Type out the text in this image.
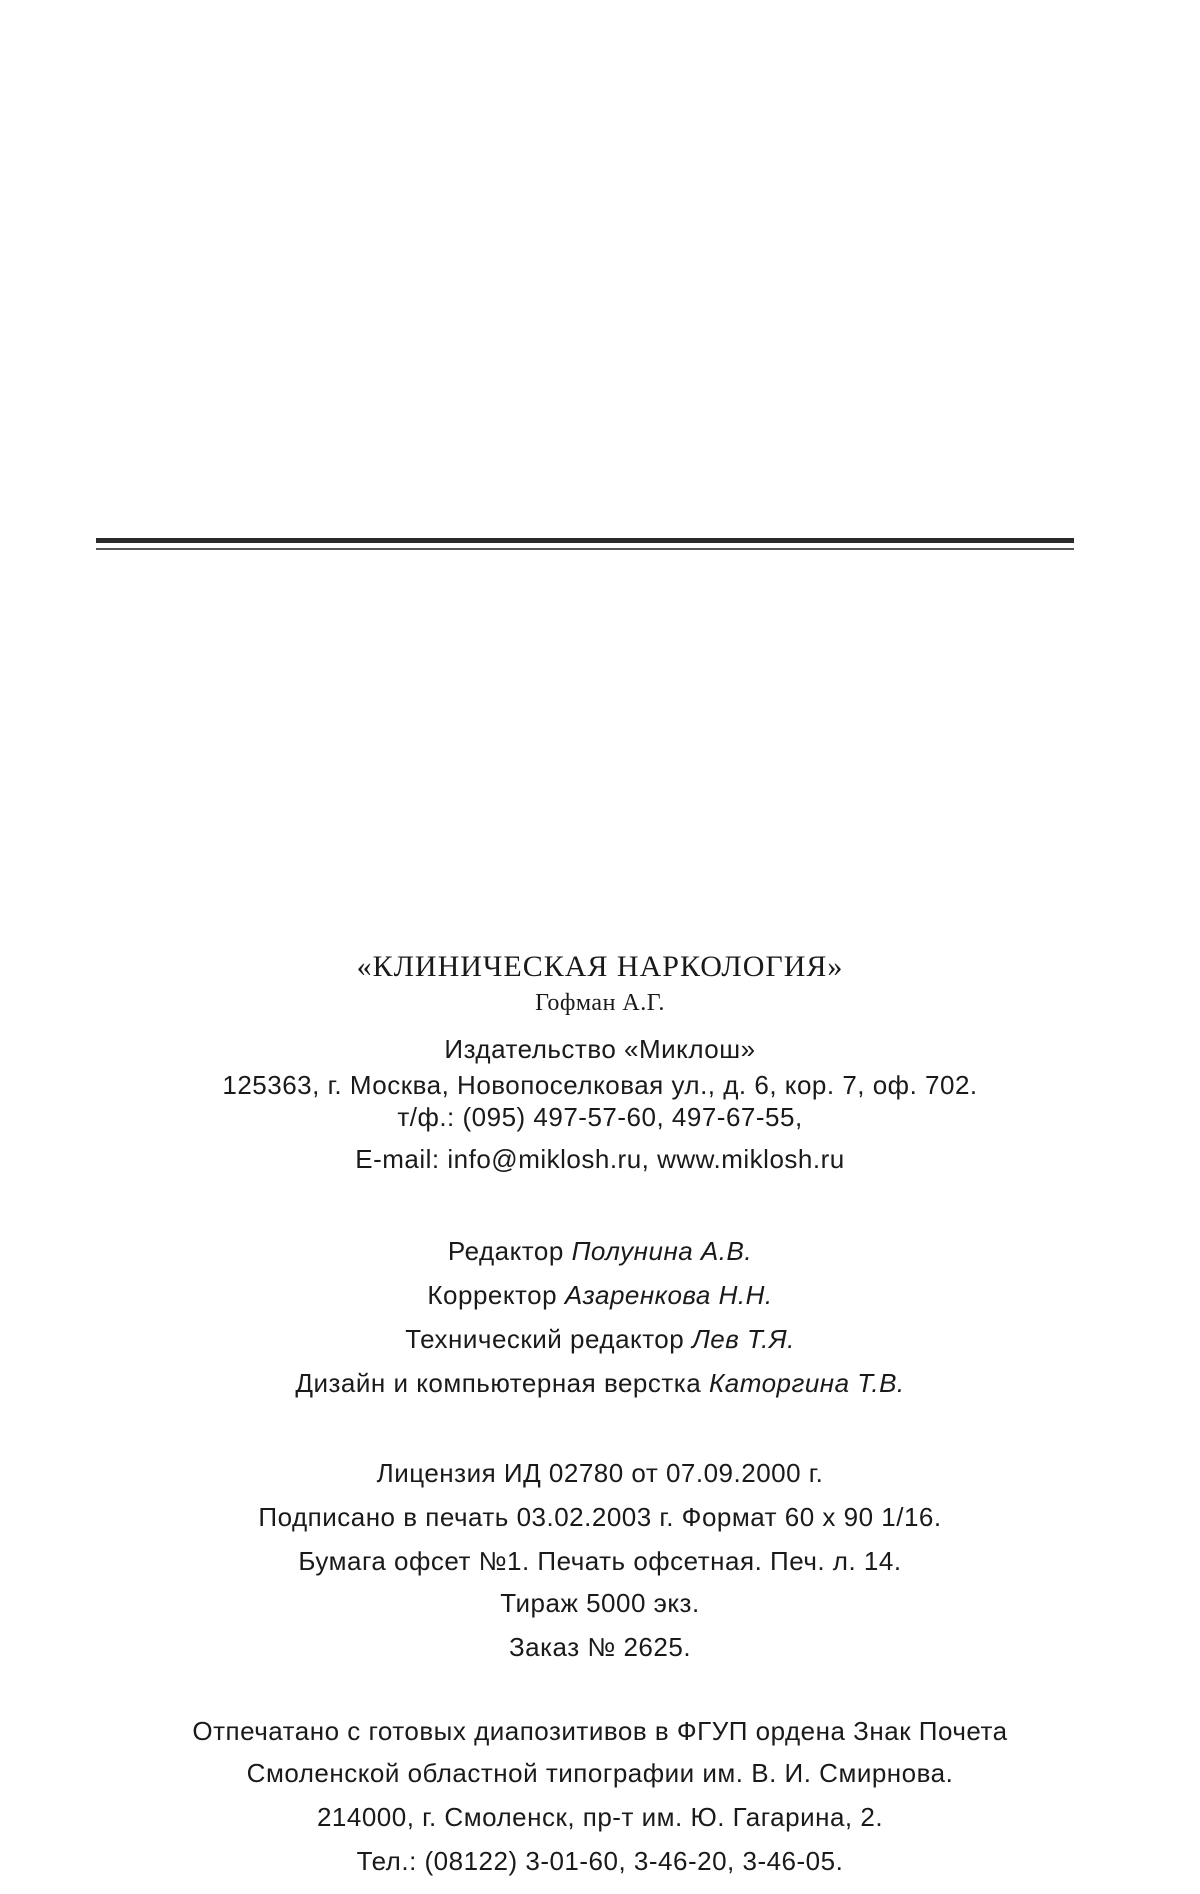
«КЛИНИЧЕСКАЯ НАРКОЛОГИЯ»
Гофман А.Г.
Издательство «Миклош»
125363, г. Москва, Новопоселковая ул., д. 6, кор. 7, оф. 702.
т/ф.: (095) 497-57-60, 497-67-55,
E-mail: info@miklosh.ru, www.miklosh.ru
Редактор Полунина А.В.
Корректор Азаренкова Н.Н.
Технический редактор Лев Т.Я.
Дизайн и компьютерная верстка Каторгина Т.В.
Лицензия ИД 02780 от 07.09.2000 г.
Подписано в печать 03.02.2003 г. Формат 60 х 90 1/16.
Бумага офсет №1. Печать офсетная. Печ. л. 14.
Тираж 5000 экз.
Заказ № 2625.
Отпечатано с готовых диапозитивов в ФГУП ордена Знак Почета
Смоленской областной типографии им. В. И. Смирнова.
214000, г. Смоленск, пр-т им. Ю. Гагарина, 2.
Тел.: (08122) 3-01-60, 3-46-20, 3-46-05.
